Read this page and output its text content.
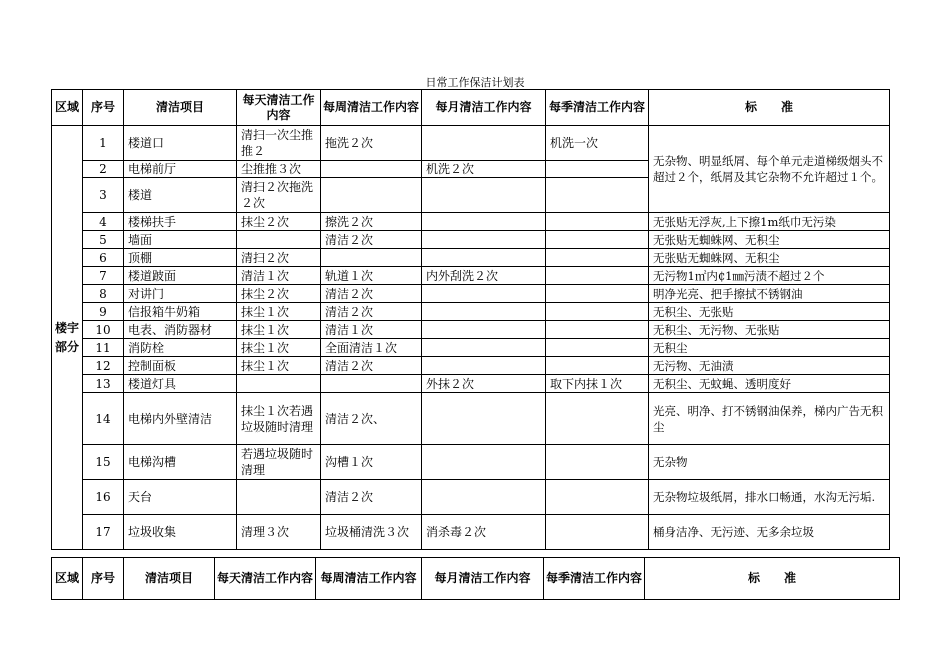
日常工作保洁计划表
区域	序号	清洁项目	每天清洁工作内容	每周清洁工作内容	每月清洁工作内容	每季清洁工作内容	标　　准
楼宇部分	1	楼道口	清扫一次尘推推２	拖洗２次		机洗一次	无杂物、明显纸屑、每个单元走道梯级烟头不超过２个，纸屑及其它杂物不允许超过１个。
	2	电梯前厅	尘推推３次		机洗２次		
	3	楼道	清扫２次拖洗２次				
	4	楼梯扶手	抹尘２次	擦洗２次			无张贴无浮灰,上下擦1m纸巾无污染
	5	墙面		清洁２次			无张贴无蜘蛛网、无积尘
	6	顶棚	清扫２次				无张贴无蜘蛛网、无积尘
	7	楼道跛面	清洁１次	轨道１次	内外刮洗２次		无污物1㎡内₵1㎜污渍不超过２个
	8	对讲门	抹尘２次	清洁２次			明净光亮、把手擦拭不锈钢油
	9	信报箱牛奶箱	抹尘１次	清洁２次			无积尘、无张贴
	10	电表、消防器材	抹尘１次	清洁１次			无积尘、无污物、无张贴
	11	消防栓	抹尘１次	全面清洁１次			无积尘
	12	控制面板	抹尘１次	清洁２次			无污物、无油渍
	13	楼道灯具			外抹２次	取下内抹１次	无积尘、无蚊蝇、透明度好
	14	电梯内外壁清洁	抹尘１次若遇垃圾随时清理	清洁２次、			光亮、明净、打不锈钢油保养，梯内广告无积尘
	15	电梯沟槽	若遇垃圾随时清理	沟槽１次			无杂物
	16	天台		清洁２次			无杂物垃圾纸屑，排水口畅通，水沟无污垢.
	17	垃圾收集	清理３次	垃圾桶清洗３次	消杀毒２次		桶身洁净、无污迹、无多余垃圾
区域	序号	清洁项目	每天清洁工作内容	每周清洁工作内容	每月清洁工作内容	每季清洁工作内容	标　　准
